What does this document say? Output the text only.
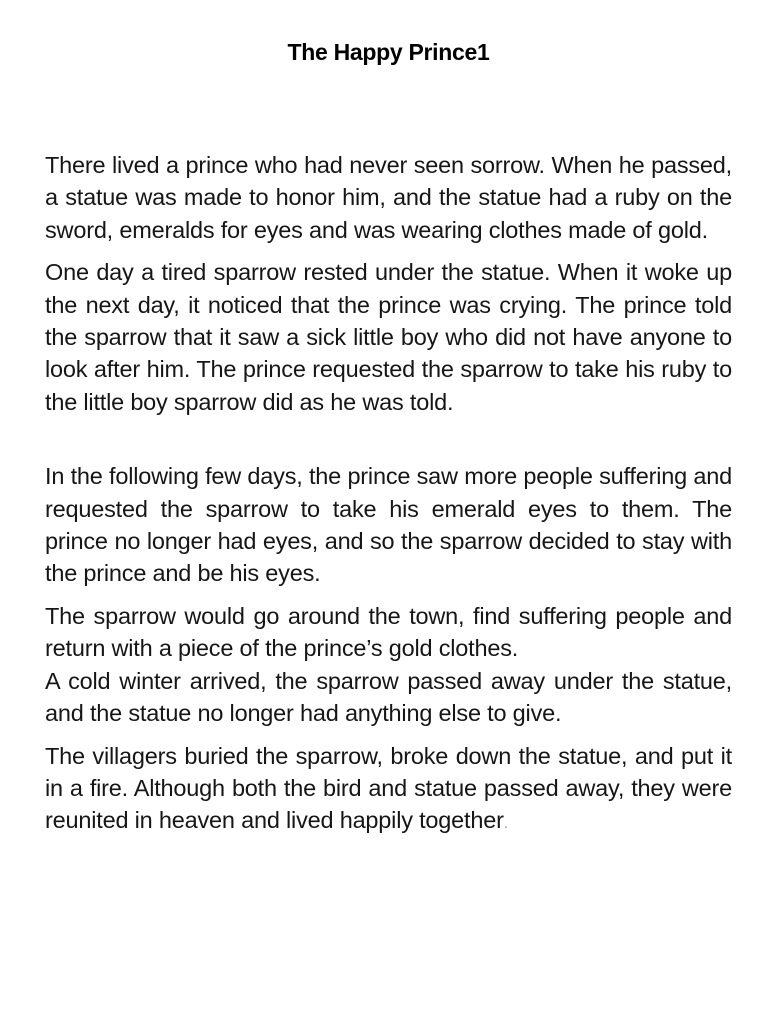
The Happy Prince1

There lived a prince who had never seen sorrow. When he passed, a statue was made to honor him, and the statue had a ruby on the sword, emeralds for eyes and was wearing clothes made of gold.

One day a tired sparrow rested under the statue. When it woke up the next day, it noticed that the prince was crying. The prince told the sparrow that it saw a sick little boy who did not have anyone to look after him. The prince requested the sparrow to take his ruby to the little boy sparrow did as he was told.

In the following few days, the prince saw more people suffering and requested the sparrow to take his emerald eyes to them. The prince no longer had eyes, and so the sparrow decided to stay with the prince and be his eyes.

The sparrow would go around the town, find suffering people and return with a piece of the prince’s gold clothes.

A cold winter arrived, the sparrow passed away under the statue, and the statue no longer had anything else to give.

The villagers buried the sparrow, broke down the statue, and put it in a fire. Although both the bird and statue passed away, they were reunited in heaven and lived happily together.
